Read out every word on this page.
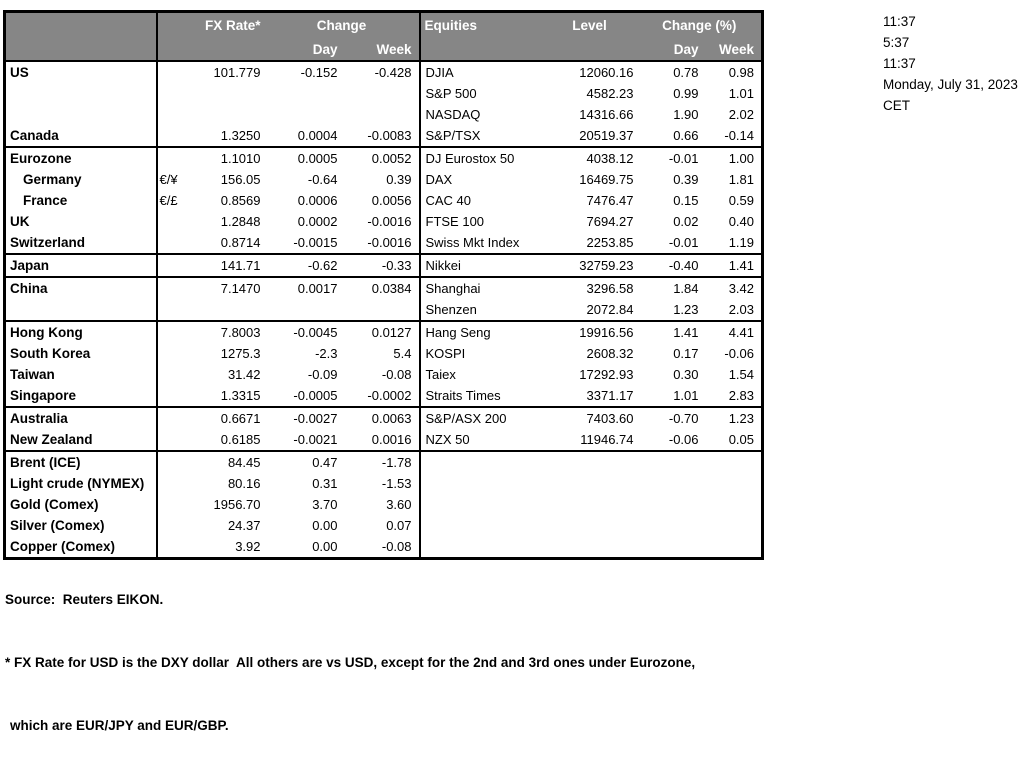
		FX Rate*	Change		Equities	Level	Change (%)	
			Day	Week			Day	Week
US		101.779	-0.152	-0.428	DJIA	12060.16	0.78	0.98
					S&P 500	4582.23	0.99	1.01
					NASDAQ	14316.66	1.90	2.02
Canada		1.3250	0.0004	-0.0083	S&P/TSX	20519.37	0.66	-0.14
Eurozone		1.1010	0.0005	0.0052	DJ Eurostox 50	4038.12	-0.01	1.00
Germany	€/¥	156.05	-0.64	0.39	DAX	16469.75	0.39	1.81
France	€/£	0.8569	0.0006	0.0056	CAC 40	7476.47	0.15	0.59
UK		1.2848	0.0002	-0.0016	FTSE 100	7694.27	0.02	0.40
Switzerland		0.8714	-0.0015	-0.0016	Swiss Mkt Index	2253.85	-0.01	1.19
Japan		141.71	-0.62	-0.33	Nikkei	32759.23	-0.40	1.41
China		7.1470	0.0017	0.0384	Shanghai	3296.58	1.84	3.42
					Shenzen	2072.84	1.23	2.03
Hong Kong		7.8003	-0.0045	0.0127	Hang Seng	19916.56	1.41	4.41
South Korea		1275.3	-2.3	5.4	KOSPI	2608.32	0.17	-0.06
Taiwan		31.42	-0.09	-0.08	Taiex	17292.93	0.30	1.54
Singapore		1.3315	-0.0005	-0.0002	Straits Times	3371.17	1.01	2.83
Australia		0.6671	-0.0027	0.0063	S&P/ASX 200	7403.60	-0.70	1.23
New Zealand		0.6185	-0.0021	0.0016	NZX 50	11946.74	-0.06	0.05
Brent (ICE)		84.45	0.47	-1.78				
Light crude (NYMEX)		80.16	0.31	-1.53				
Gold (Comex)		1956.70	3.70	3.60				
Silver (Comex)		24.37	0.00	0.07				
Copper (Comex)		3.92	0.00	-0.08				
11:37
5:37
11:37
Monday, July 31, 2023
CET

Source:  Reuters EIKON.

* FX Rate for USD is the DXY dollar  All others are vs USD, except for the 2nd and 3rd ones under Eurozone,

which are EUR/JPY and EUR/GBP.
